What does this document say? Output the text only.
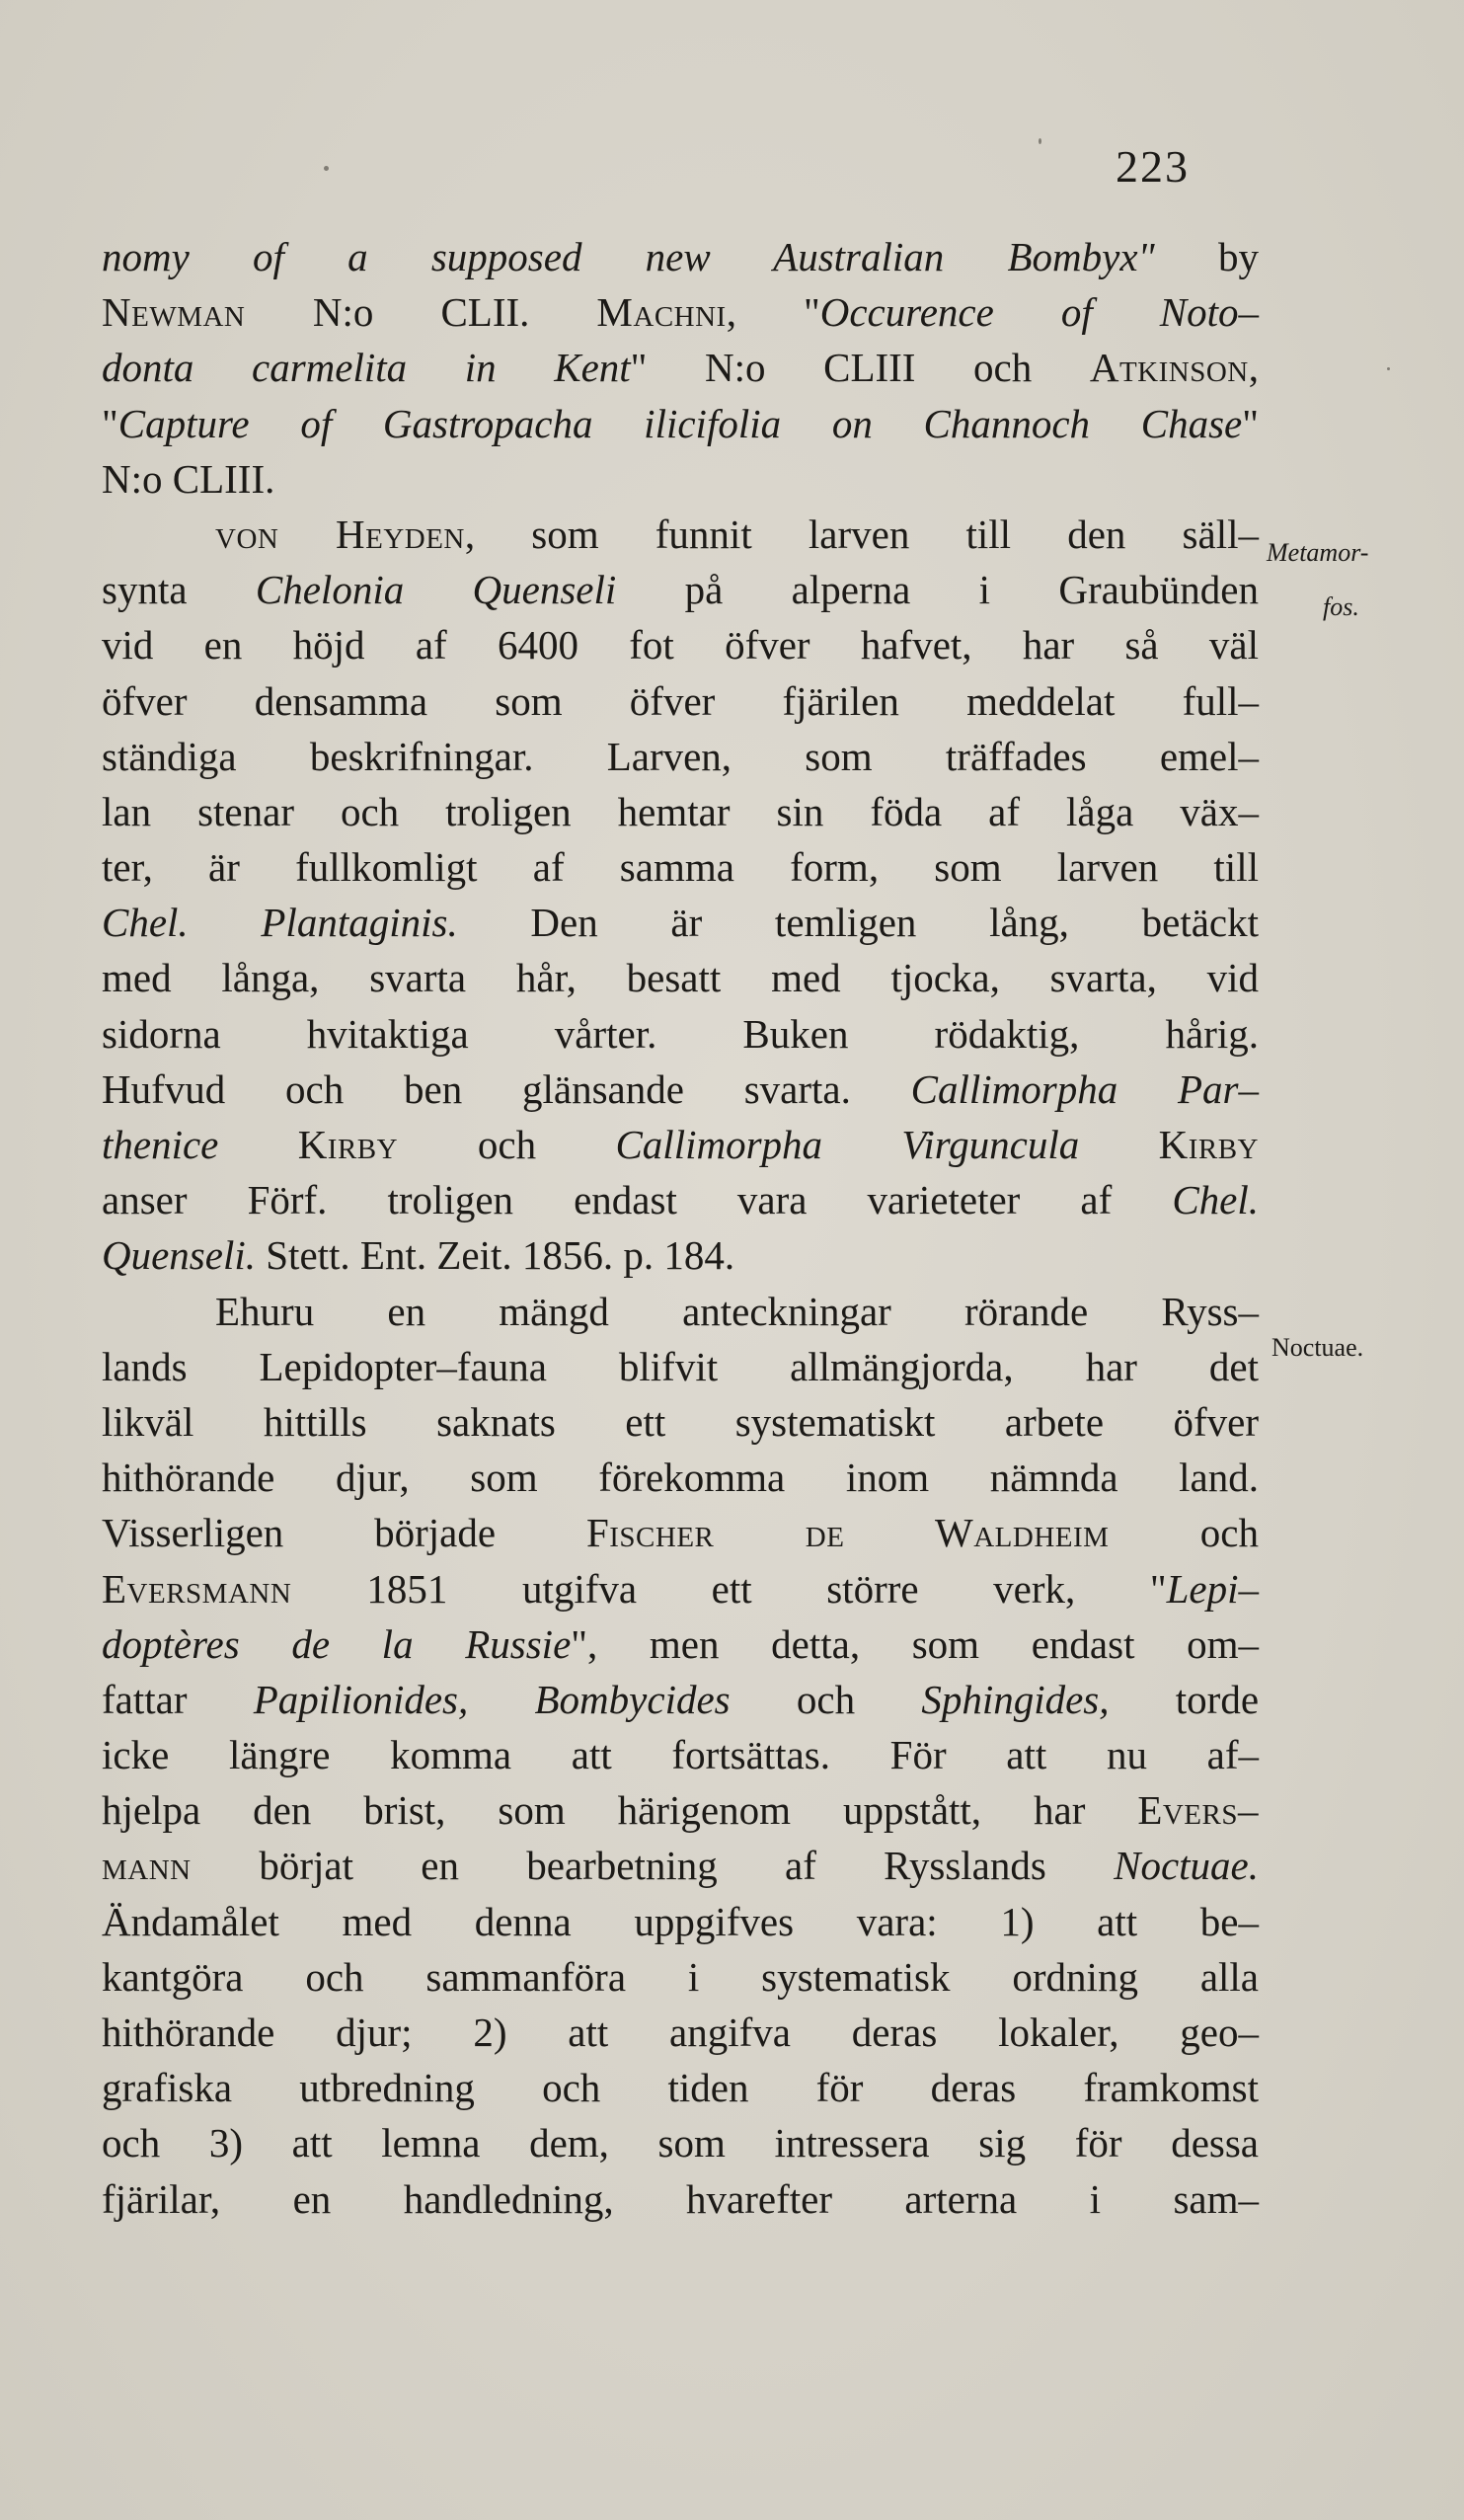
223
nomy of a supposed new Australian Bombyx" by
Newman N:o CLII. Machni, "Occurence of Noto–
donta carmelita in Kent" N:o CLIII och Atkinson,
"Capture of Gastropacha ilicifolia on Channoch Chase"
N:o CLIII.
von Heyden, som funnit larven till den säll–
synta Chelonia Quenseli på alperna i Graubünden
vid en höjd af 6400 fot öfver hafvet, har så väl
öfver densamma som öfver fjärilen meddelat full–
ständiga beskrifningar. Larven, som träffades emel–
lan stenar och troligen hemtar sin föda af låga väx–
ter, är fullkomligt af samma form, som larven till
Chel. Plantaginis. Den är temligen lång, betäckt
med långa, svarta hår, besatt med tjocka, svarta, vid
sidorna hvitaktiga vårter. Buken rödaktig, hårig.
Hufvud och ben glänsande svarta. Callimorpha Par–
thenice Kirby och Callimorpha Virguncula Kirby
anser Förf. troligen endast vara varieteter af Chel.
Quenseli. Stett. Ent. Zeit. 1856. p. 184.
Ehuru en mängd anteckningar rörande Ryss–
lands Lepidopter–fauna blifvit allmängjorda, har det
likväl hittills saknats ett systematiskt arbete öfver
hithörande djur, som förekomma inom nämnda land.
Visserligen började Fischer de Waldheim och
Eversmann 1851 utgifva ett större verk, "Lepi–
doptères de la Russie", men detta, som endast om–
fattar Papilionides, Bombycides och Sphingides, torde
icke längre komma att fortsättas. För att nu af–
hjelpa den brist, som härigenom uppstått, har Evers–
mann börjat en bearbetning af Rysslands Noctuae.
Ändamålet med denna uppgifves vara: 1) att be–
kantgöra och sammanföra i systematisk ordning alla
hithörande djur; 2) att angifva deras lokaler, geo–
grafiska utbredning och tiden för deras framkomst
och 3) att lemna dem, som intressera sig för dessa
fjärilar, en handledning, hvarefter arterna i sam–
Metamor-
fos.
Noctuae.
